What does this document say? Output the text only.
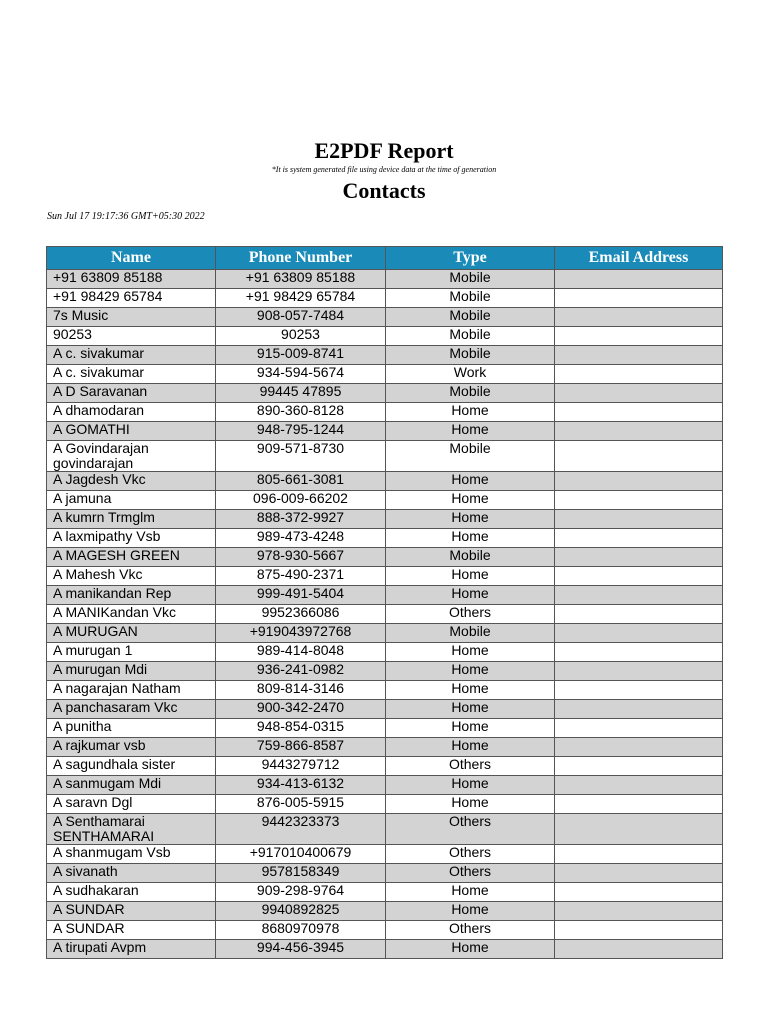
E2PDF Report
*It is system generated file using device data at the time of generation
Contacts
Sun Jul 17 19:17:36 GMT+05:30 2022
Name	Phone Number	Type	Email Address
+91 63809 85188	+91 63809 85188	Mobile	
+91 98429 65784	+91 98429 65784	Mobile	
7s Music	908-057-7484	Mobile	
90253	90253	Mobile	
A c. sivakumar	915-009-8741	Mobile	
A c. sivakumar	934-594-5674	Work	
A D Saravanan	99445 47895	Mobile	
A dhamodaran	890-360-8128	Home	
A GOMATHI	948-795-1244	Home	
A Govindarajan govindarajan	909-571-8730	Mobile	
A Jagdesh Vkc	805-661-3081	Home	
A jamuna	096-009-66202	Home	
A kumrn Trmglm	888-372-9927	Home	
A laxmipathy Vsb	989-473-4248	Home	
A MAGESH GREEN	978-930-5667	Mobile	
A Mahesh Vkc	875-490-2371	Home	
A manikandan Rep	999-491-5404	Home	
A MANIKandan Vkc	9952366086	Others	
A MURUGAN	+919043972768	Mobile	
A murugan 1	989-414-8048	Home	
A murugan Mdi	936-241-0982	Home	
A nagarajan Natham	809-814-3146	Home	
A panchasaram Vkc	900-342-2470	Home	
A punitha	948-854-0315	Home	
A rajkumar vsb	759-866-8587	Home	
A sagundhala sister	9443279712	Others	
A sanmugam Mdi	934-413-6132	Home	
A saravn Dgl	876-005-5915	Home	
A Senthamarai SENTHAMARAI	9442323373	Others	
A shanmugam Vsb	+917010400679	Others	
A sivanath	9578158349	Others	
A sudhakaran	909-298-9764	Home	
A SUNDAR	9940892825	Home	
A SUNDAR	8680970978	Others	
A tirupati Avpm	994-456-3945	Home	
